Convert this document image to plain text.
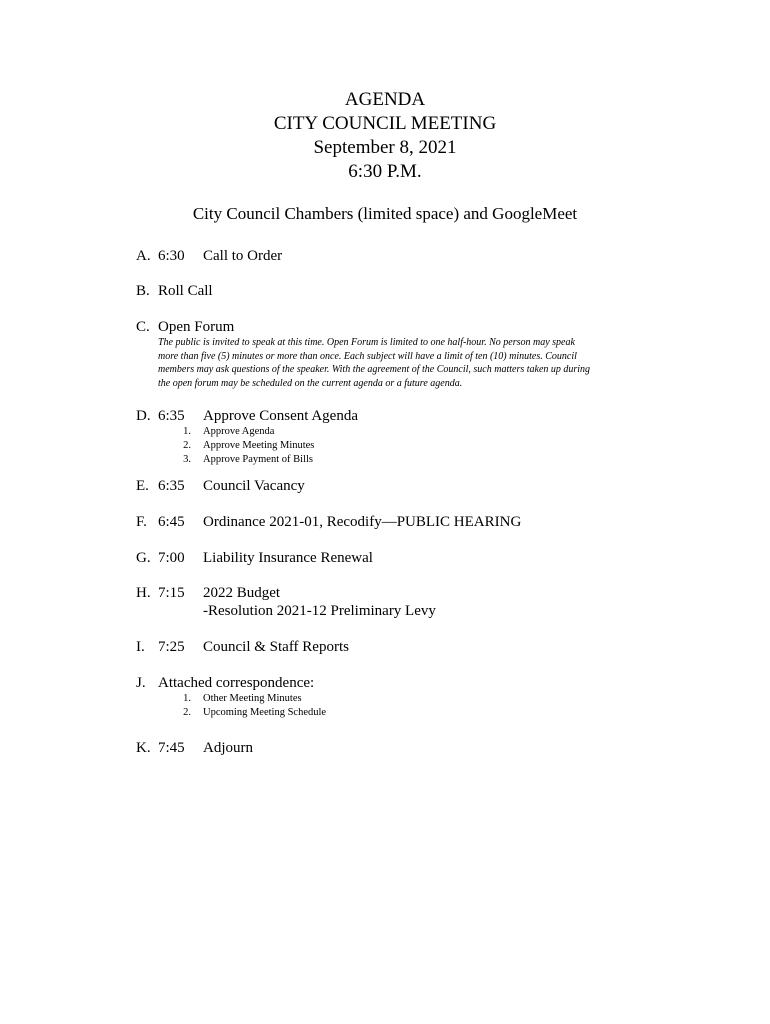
AGENDA
CITY COUNCIL MEETING
September 8, 2021
6:30 P.M.
City Council Chambers (limited space) and GoogleMeet
A. 6:30 Call to Order
B. Roll Call
C. Open Forum
The public is invited to speak at this time. Open Forum is limited to one half-hour. No person may speak
more than five (5) minutes or more than once. Each subject will have a limit of ten (10) minutes. Council
members may ask questions of the speaker. With the agreement of the Council, such matters taken up during
the open forum may be scheduled on the current agenda or a future agenda.
D. 6:35 Approve Consent Agenda
1. Approve Agenda
2. Approve Meeting Minutes
3. Approve Payment of Bills
E. 6:35 Council Vacancy
F. 6:45 Ordinance 2021-01, Recodify—PUBLIC HEARING
G. 7:00 Liability Insurance Renewal
H. 7:15 2022 Budget
-Resolution 2021-12 Preliminary Levy
I. 7:25 Council & Staff Reports
J. Attached correspondence:
1. Other Meeting Minutes
2. Upcoming Meeting Schedule
K. 7:45 Adjourn
